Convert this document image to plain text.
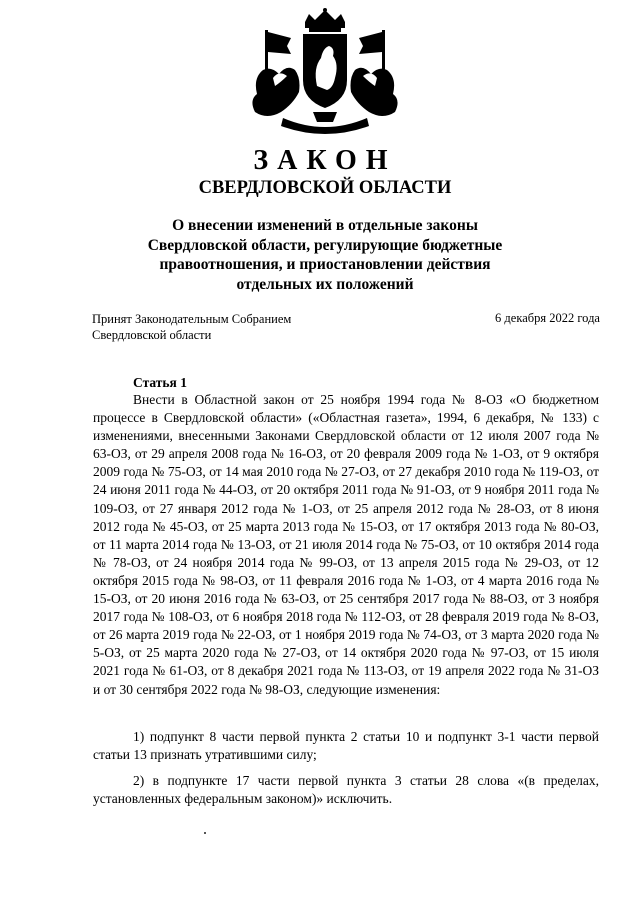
ЗАКОН
СВЕРДЛОВСКОЙ ОБЛАСТИ
О внесении изменений в отдельные законы
Свердловской области, регулирующие бюджетные
правоотношения, и приостановлении действия
отдельных их положений
Принят Законодательным Собранием
Свердловской области
6 декабря 2022 года
Статья 1

Внести в Областной закон от 25 ноября 1994 года № 8-ОЗ «О бюджетном процессе в Свердловской области» («Областная газета», 1994, 6 декабря, № 133) с изменениями, внесенными Законами Свердловской области от 12 июля 2007 года № 63-ОЗ, от 29 апреля 2008 года № 16-ОЗ, от 20 февраля 2009 года № 1-ОЗ, от 9 октября 2009 года № 75-ОЗ, от 14 мая 2010 года № 27-ОЗ, от 27 декабря 2010 года № 119-ОЗ, от 24 июня 2011 года № 44-ОЗ, от 20 октября 2011 года № 91-ОЗ, от 9 ноября 2011 года № 109-ОЗ, от 27 января 2012 года № 1-ОЗ, от 25 апреля 2012 года № 28-ОЗ, от 8 июня 2012 года № 45-ОЗ, от 25 марта 2013 года № 15-ОЗ, от 17 октября 2013 года № 80-ОЗ, от 11 марта 2014 года № 13-ОЗ, от 21 июля 2014 года № 75-ОЗ, от 10 октября 2014 года № 78-ОЗ, от 24 ноября 2014 года № 99-ОЗ, от 13 апреля 2015 года № 29-ОЗ, от 12 октября 2015 года № 98-ОЗ, от 11 февраля 2016 года № 1-ОЗ, от 4 марта 2016 года № 15-ОЗ, от 20 июня 2016 года № 63-ОЗ, от 25 сентября 2017 года № 88-ОЗ, от 3 ноября 2017 года № 108-ОЗ, от 6 ноября 2018 года № 112-ОЗ, от 28 февраля 2019 года № 8-ОЗ, от 26 марта 2019 года № 22-ОЗ, от 1 ноября 2019 года № 74-ОЗ, от 3 марта 2020 года № 5-ОЗ, от 25 марта 2020 года № 27-ОЗ, от 14 октября 2020 года № 97-ОЗ, от 15 июля 2021 года № 61-ОЗ, от 8 декабря 2021 года № 113-ОЗ, от 19 апреля 2022 года № 31-ОЗ и от 30 сентября 2022 года № 98-ОЗ, следующие изменения:

1) подпункт 8 части первой пункта 2 статьи 10 и подпункт 3-1 части первой статьи 13 признать утратившими силу;

2) в подпункте 17 части первой пункта 3 статьи 28 слова «(в пределах, установленных федеральным законом)» исключить.
